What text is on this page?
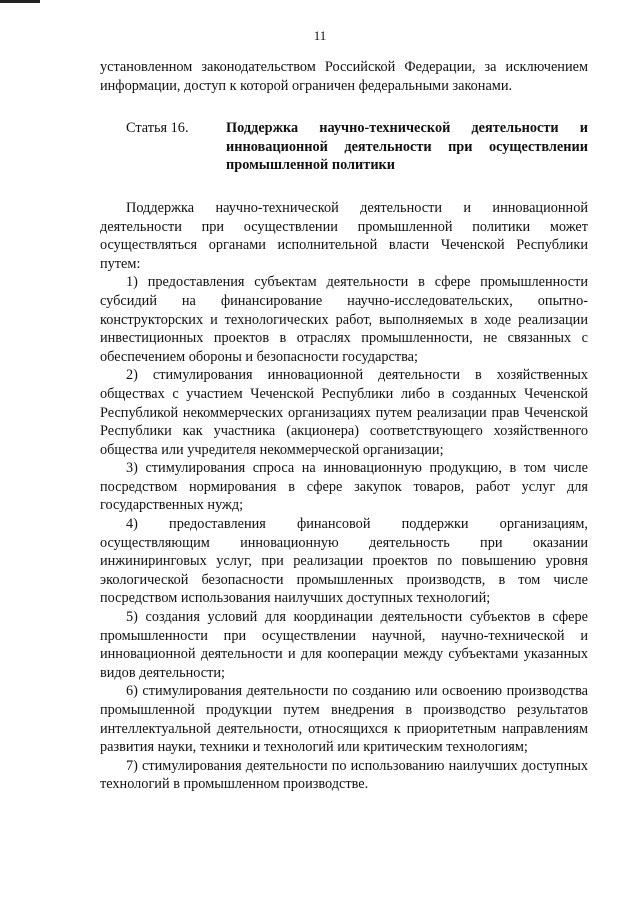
11

установленном законодательством Российской Федерации, за исключением информации, доступ к которой ограничен федеральными законами.

Статья 16.	Поддержка научно-технической деятельности и инновационной деятельности при осуществлении промышленной политики

Поддержка научно-технической деятельности и инновационной деятельности при осуществлении промышленной политики может осуществляться органами исполнительной власти Чеченской Республики путем:

1) предоставления субъектам деятельности в сфере промышленности субсидий на финансирование научно-исследовательских, опытно-конструкторских и технологических работ, выполняемых в ходе реализации инвестиционных проектов в отраслях промышленности, не связанных с обеспечением обороны и безопасности государства;

2) стимулирования инновационной деятельности в хозяйственных обществах с участием Чеченской Республики либо в созданных Чеченской Республикой некоммерческих организациях путем реализации прав Чеченской Республики как участника (акционера) соответствующего хозяйственного общества или учредителя некоммерческой организации;

3) стимулирования спроса на инновационную продукцию, в том числе посредством нормирования в сфере закупок товаров, работ услуг для государственных нужд;

4) предоставления финансовой поддержки организациям, осуществляющим инновационную деятельность при оказании инжиниринговых услуг, при реализации проектов по повышению уровня экологической безопасности промышленных производств, в том числе посредством использования наилучших доступных технологий;

5) создания условий для координации деятельности субъектов в сфере промышленности при осуществлении научной, научно-технической и инновационной деятельности и для кооперации между субъектами указанных видов деятельности;

6) стимулирования деятельности по созданию или освоению производства промышленной продукции путем внедрения в производство результатов интеллектуальной деятельности, относящихся к приоритетным направлениям развития науки, техники и технологий или критическим технологиям;

7) стимулирования деятельности по использованию наилучших доступных технологий в промышленном производстве.
